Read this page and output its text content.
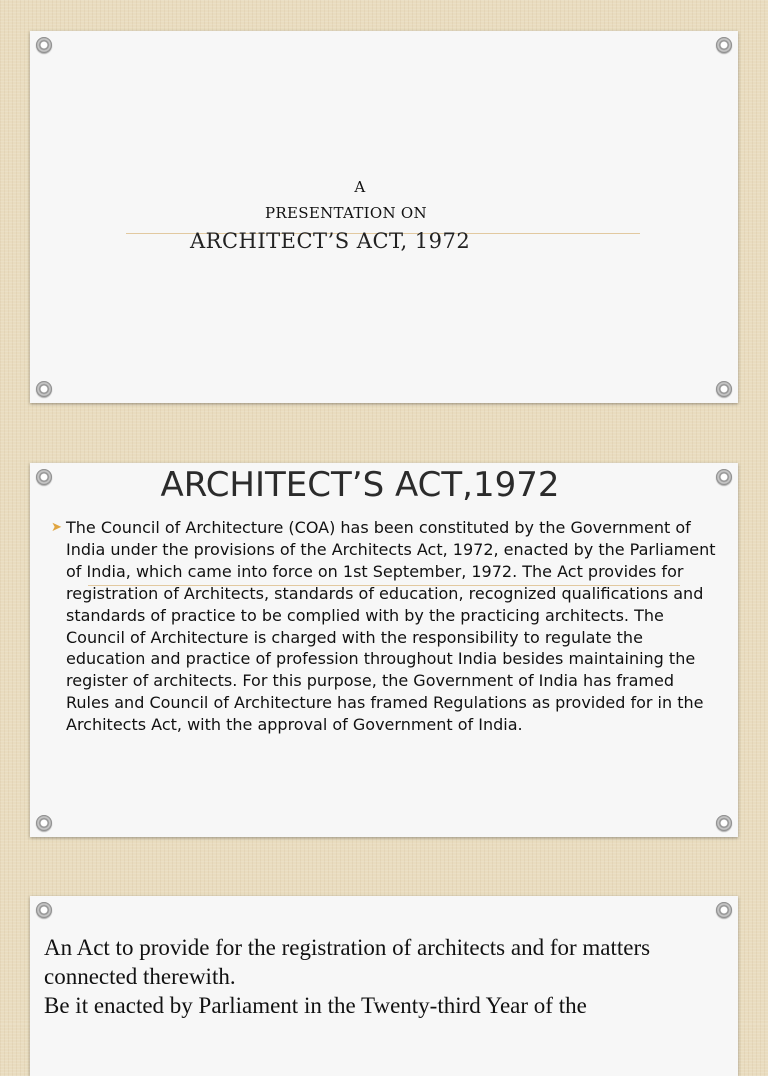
A
PRESENTATION ON
ARCHITECT’S ACT, 1972
ARCHITECT’S ACT,1972
➤ The Council of Architecture (COA) has been constituted by the Government of India under the provisions of the Architects Act, 1972, enacted by the Parliament of India, which came into force on 1st September, 1972. The Act provides for registration of Architects, standards of education, recognized qualifications and standards of practice to be complied with by the practicing architects. The Council of Architecture is charged with the responsibility to regulate the education and practice of profession throughout India besides maintaining the register of architects. For this purpose, the Government of India has framed Rules and Council of Architecture has framed Regulations as provided for in the Architects Act, with the approval of Government of India.

An Act to provide for the registration of architects and for matters connected therewith.

Be it enacted by Parliament in the Twenty-third Year of the
